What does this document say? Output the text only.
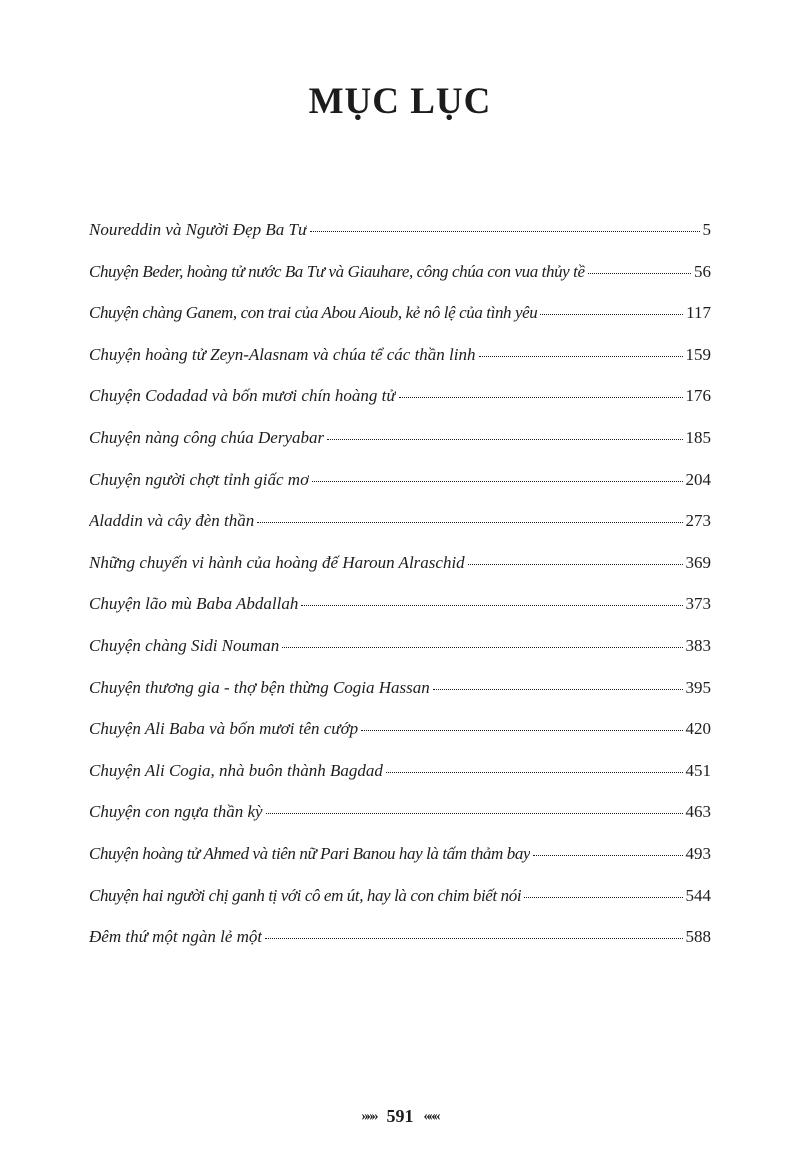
MỤC LỤC
Noureddin và Người Đẹp Ba Tư	5
Chuyện Beder, hoàng tử nước Ba Tư và Giauhare, công chúa con vua thủy tề	56
Chuyện chàng Ganem, con trai của Abou Aioub, kẻ nô lệ của tình yêu	117
Chuyện hoàng tử Zeyn-Alasnam và chúa tể các thần linh	159
Chuyện Codadad và bốn mươi chín hoàng tử	176
Chuyện nàng công chúa Deryabar	185
Chuyện người chợt tỉnh giấc mơ	204
Aladdin và cây đèn thần	273
Những chuyến vi hành của hoàng đế Haroun Alraschid	369
Chuyện lão mù Baba Abdallah	373
Chuyện chàng Sidi Nouman	383
Chuyện thương gia - thợ bện thừng Cogia Hassan	395
Chuyện Ali Baba và bốn mươi tên cướp	420
Chuyện Ali Cogia, nhà buôn thành Bagdad	451
Chuyện con ngựa thần kỳ	463
Chuyện hoàng tử Ahmed và tiên nữ Pari Banou hay là tấm thảm bay	493
Chuyện hai người chị ganh tị với cô em út, hay là con chim biết nói	544
Đêm thứ một ngàn lẻ một	588
»»» 591 «««
